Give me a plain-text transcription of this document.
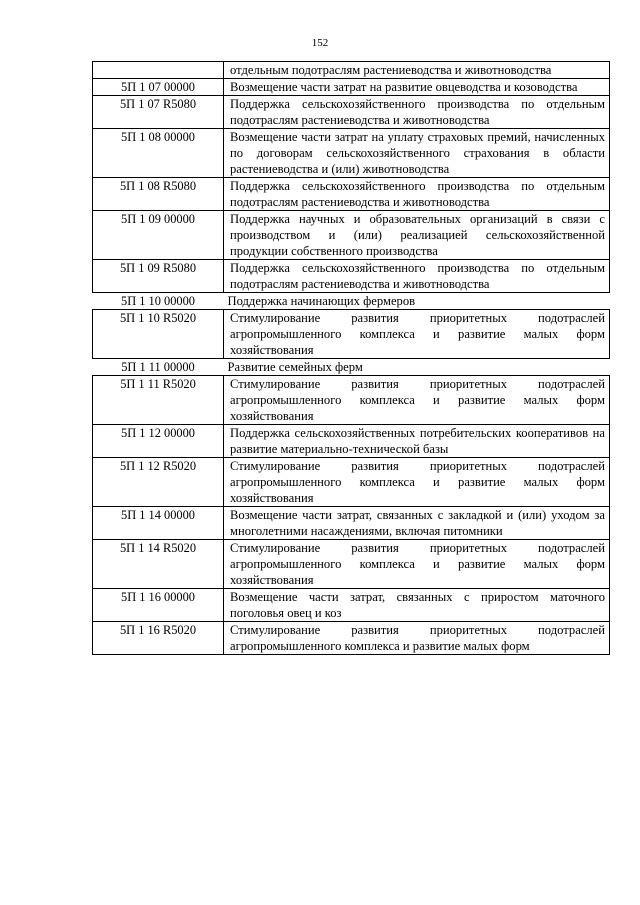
152
	отдельным подотраслям растениеводства и животноводства
5П 1 07 00000	Возмещение части затрат на развитие овцеводства и козоводства
5П 1 07 R5080	Поддержка сельскохозяйственного производства по отдельным подотраслям растениеводства и животноводства
5П 1 08 00000	Возмещение части затрат на уплату страховых премий, начисленных по договорам сельскохозяйственного страхования в области растениеводства и (или) животноводства
5П 1 08 R5080	Поддержка сельскохозяйственного производства по отдельным подотраслям растениеводства и животноводства
5П 1 09 00000	Поддержка научных и образовательных организаций в связи с производством и (или) реализацией сельскохозяйственной продукции собственного производства
5П 1 09 R5080	Поддержка сельскохозяйственного производства по отдельным подотраслям растениеводства и животноводства
5П 1 10 00000	Поддержка начинающих фермеров
5П 1 10 R5020	Стимулирование развития приоритетных подотраслей агропромышленного комплекса и развитие малых форм хозяйствования
5П 1 11 00000	Развитие семейных ферм
5П 1 11 R5020	Стимулирование развития приоритетных подотраслей агропромышленного комплекса и развитие малых форм хозяйствования
5П 1 12 00000	Поддержка сельскохозяйственных потребительских кооперативов на развитие материально-технической базы
5П 1 12 R5020	Стимулирование развития приоритетных подотраслей агропромышленного комплекса и развитие малых форм хозяйствования
5П 1 14 00000	Возмещение части затрат, связанных с закладкой и (или) уходом за многолетними насаждениями, включая питомники
5П 1 14 R5020	Стимулирование развития приоритетных подотраслей агропромышленного комплекса и развитие малых форм хозяйствования
5П 1 16 00000	Возмещение части затрат, связанных с приростом маточного поголовья овец и коз
5П 1 16 R5020	Стимулирование развития приоритетных подотраслей агропромышленного комплекса и развитие малых форм
